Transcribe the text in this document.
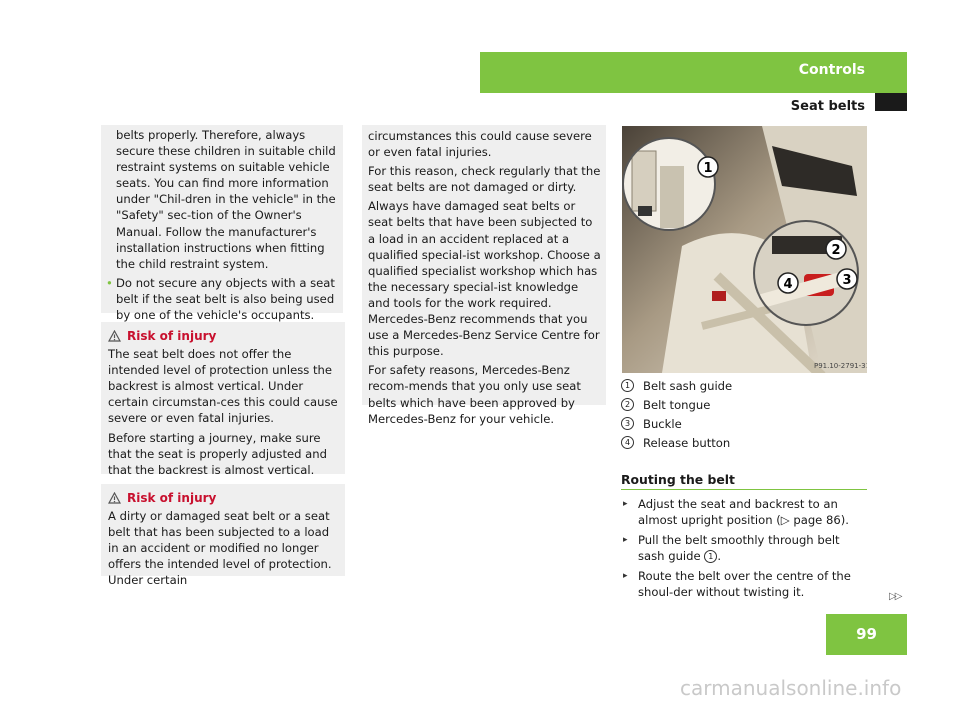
Controls
Seat belts
belts properly. Therefore, always secure these children in suitable child restraint systems on suitable vehicle seats. You can find more information under "Chil-dren in the vehicle" in the "Safety" sec-tion of the Owner's Manual. Follow the manufacturer's installation instructions when fitting the child restraint system.
• Do not secure any objects with a seat belt if the seat belt is also being used by one of the vehicle's occupants.
Risk of injury

The seat belt does not offer the intended level of protection unless the backrest is almost vertical. Under certain circumstan-ces this could cause severe or even fatal injuries.

Before starting a journey, make sure that the seat is properly adjusted and that the backrest is almost vertical.

Risk of injury

A dirty or damaged seat belt or a seat belt that has been subjected to a load in an accident or modified no longer offers the intended level of protection. Under certain

circumstances this could cause severe or even fatal injuries.

For this reason, check regularly that the seat belts are not damaged or dirty.

Always have damaged seat belts or seat belts that have been subjected to a load in an accident replaced at a qualified special-ist workshop. Choose a qualified specialist workshop which has the necessary special-ist knowledge and tools for the work required. Mercedes-Benz recommends that you use a Mercedes-Benz Service Centre for this purpose.

For safety reasons, Mercedes-Benz recom-mends that you only use seat belts which have been approved by Mercedes-Benz for your vehicle.

1
2
3
4
P91.10-2791-31
1	Belt sash guide
2	Belt tongue
3	Buckle
4	Release button
Routing the belt
▸ Adjust the seat and backrest to an almost upright position (▷ page 86).
▸ Pull the belt smoothly through belt sash guide 1 .
▸ Route the belt over the centre of the shoul-der without twisting it.	▷▷
99
carmanualsonline.info
